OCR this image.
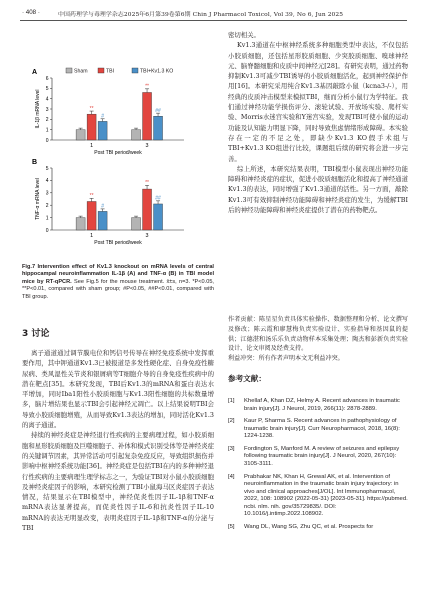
· 408 ·	中国药理学与毒理学杂志2025年6月第39卷第6期 Chin J Pharmacol Toxicol, Vol 39, No 6, Jun 2025
Sham	TBI	TBI+Kv1.3 KO
A
0
1
2
3
4
5
6
IL-1β mRNA level	**
#
1
**
##
3
Post TBI period/week
B
0
1
2
3
4
5
TNF-α mRNA level	**
#
1
**
##
3
Post TBI period/week
Fig.7 Intervention effect of Kv1.3 knockout on mRNA levels of central hippocampal neuroinflammation IL-1β (A) and TNF-α (B) in TBI model mice by RT-qPCR. See Fig.5 for the mouse treatment. x̄±s, n=3. *P<0.05, **P<0.01, compared with sham group; #P<0.05, ##P<0.01, compared with TBI group.
3 讨论

离子通道通过调节膜电位和钙信号传导在神经免疫系统中发挥重要作用，其中钾通道Kv1.3已被报道是多发性硬化症、自身免疫性糖尿病、类风湿性关节炎和银屑病等T细胞介导的自身免疫性疾病中的潜在靶点[35]。本研究发现，TBI后Kv1.3的mRNA和蛋白表达水平增加，同时Iba1阳性小胶质细胞与Kv1.3阳性细胞的共标数量增多，脑片增结果也显示TBI会引起神经元凋亡。以上结果说明TBI会导致小胶质细胞增殖，从而导致Kv1.3表达的增加，同时活化Kv1.3的离子通道。

持续的神经炎症是神经退行性疾病的主要病理过程，如小胶质细胞和星形胶质细胞及巨噬细胞子、补体和模式识别受体等是神经炎症的关键调节因素，其异常活动可引起复杂免疫反应，导致组织损伤并影响中枢神经系统功能[36]。神经炎症是包括TBI在内的多种神经退行性疾病的主要病理生理学标志之一，为验证TBI对小鼠小胶质细胞及神经炎症因子的影响，本研究检测了TBI小鼠海马区炎症因子表达情况，结果显示在TBI模型中，神经促炎性因子IL-1β和TNF-α mRNA表达显著提高，而促炎性因子IL-6和抗炎性因子IL-10 mRNA的表达无明显改变，表明炎症因子IL-1β和TNF-α的分泌与TBI

密切相关。

Kv1.3通道在中枢神经系统多种细胞类型中表达，不仅包括小胶质细胞，还包括星形胶质细胞、少突胶质细胞、嗅球神经元、脑脊髓细胞和皮质中间神经元[28]。有研究表明，通过药物抑制Kv1.3可减少TBI诱导的小胶质细胞活化，起到神经保护作用[16]。本研究采用纯合Kv1.3基因敲除小鼠（kcna3-/-），用经典的皮质冲击模型来模拟TBI，继而分析小鼠行为学特征。我们通过神经功能学损伤评分、滚轮试验、开放场实验、爬杆实验、Morris水迷宫实验和Y迷宫实验，发现TBI可使小鼠的运动功能及认知能力明显下降，同时导致焦虑情绪形成障碍。本实验存在一定的不足之处，即缺少Kv1.3 KO假手术组与TBI+Kv1.3 KO组进行比较，课题组后续的研究将会进一步完善。

综上所述，本研究结果表明，TBI模型小鼠表现出神经功能障碍和神经炎症的症状，促进小胶质细胞活化和提高了神经通道Kv1.3的表达，同时增强了Kv1.3通道的活性。另一方面，敲除Kv1.3可有效抑制神经功能障碍和神经炎症的发生，为缓解TBI后的神经功能障碍和神经炎症提供了潜在的药物靶点。

作者贡献：陈星星负责具体实验操作、数据整理和分析、论文撰写及修改；陈云霞和廖慧梅负责实验设计、实验指导和基因鼠的提供；江德湛和汤乐乐负责动物样本采集处理；陶杰和彭新负责实验设计、论文审阅及经费支持。
利益冲突：所有作者声明本文无利益冲突。
参考文献：
[1] Khellaf A, Khan DZ, Helmy A. Recent advances in traumatic brain injury[J]. J Neurol, 2019, 266(11): 2878-2889.
[2] Kaur P, Sharma S. Recent advances in pathophysiology of traumatic brain injury[J]. Curr Neuropharmacol, 2018, 16(8): 1224-1238.
[3] Fordington S, Manford M. A review of seizures and epilepsy following traumatic brain injury[J]. J Neurol, 2020, 267(10): 3105-3111.
[4] Prabhakar NK, Khan H, Grewal AK, et al. Intervention of neuroinflammation in the traumatic brain injury trajectory: in vivo and clinical approaches[J/OL]. Int Immunopharmacol, 2022, 108: 108902 (2022-05-31) [2023-05-31]. https://pubmed. ncbi. nlm. nih. gov/35729835/. DOI: 10.1016/j.intimp.2022.108902.
[5] Wang DL, Wang SG, Zhu QC, et al. Prospects for
